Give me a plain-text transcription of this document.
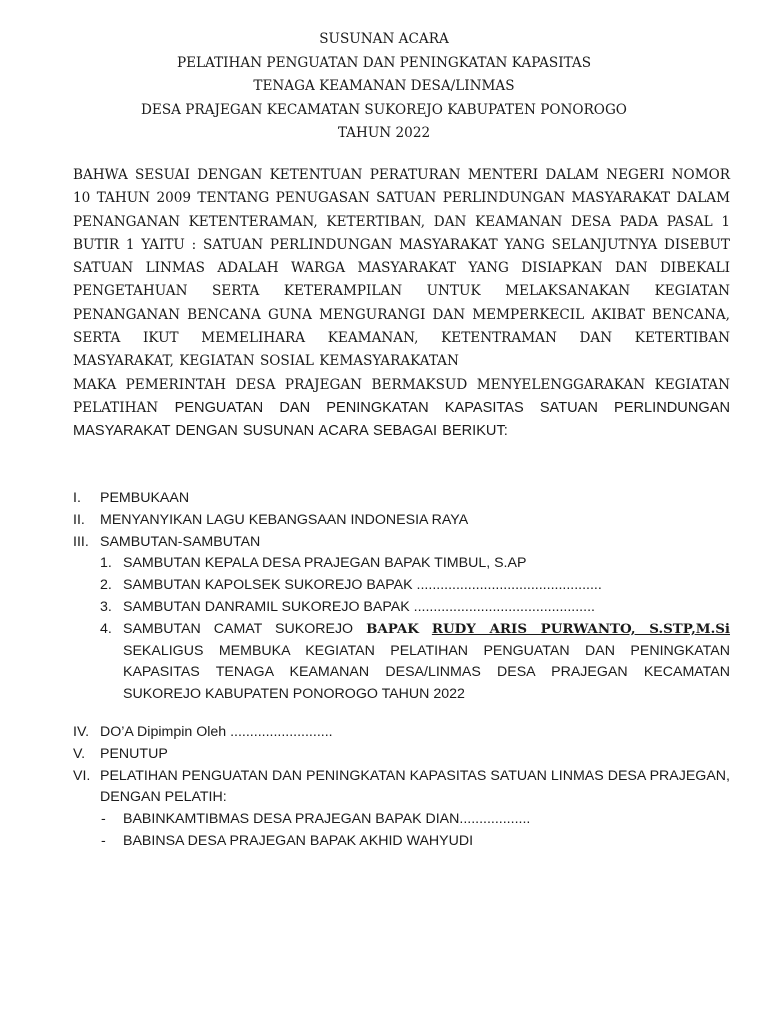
SUSUNAN ACARA
PELATIHAN PENGUATAN DAN PENINGKATAN KAPASITAS
TENAGA KEAMANAN DESA/LINMAS
DESA PRAJEGAN KECAMATAN SUKOREJO KABUPATEN PONOROGO
TAHUN 2022

BAHWA SESUAI DENGAN KETENTUAN PERATURAN MENTERI DALAM NEGERI NOMOR 10 TAHUN 2009 TENTANG PENUGASAN SATUAN PERLINDUNGAN MASYARAKAT DALAM PENANGANAN KETENTERAMAN, KETERTIBAN, DAN KEAMANAN DESA PADA PASAL 1 BUTIR 1 YAITU : SATUAN PERLINDUNGAN MASYARAKAT YANG SELANJUTNYA DISEBUT SATUAN LINMAS ADALAH WARGA MASYARAKAT YANG DISIAPKAN DAN DIBEKALI PENGETAHUAN SERTA KETERAMPILAN UNTUK MELAKSANAKAN KEGIATAN PENANGANAN BENCANA GUNA MENGURANGI DAN MEMPERKECIL AKIBAT BENCANA, SERTA IKUT MEMELIHARA KEAMANAN, KETENTRAMAN DAN KETERTIBAN MASYARAKAT, KEGIATAN SOSIAL KEMASYARAKATAN

MAKA PEMERINTAH DESA PRAJEGAN BERMAKSUD MENYELENGGARAKAN KEGIATAN PELATIHAN PENGUATAN DAN PENINGKATAN KAPASITAS SATUAN PERLINDUNGAN MASYARAKAT DENGAN SUSUNAN ACARA SEBAGAI BERIKUT:

I. PEMBUKAAN
II. MENYANYIKAN LAGU KEBANGSAAN INDONESIA RAYA
III. SAMBUTAN-SAMBUTAN
1. SAMBUTAN KEPALA DESA PRAJEGAN BAPAK TIMBUL, S.AP
2. SAMBUTAN KAPOLSEK SUKOREJO BAPAK ...............................................
3. SAMBUTAN DANRAMIL SUKOREJO BAPAK ..............................................
4. SAMBUTAN CAMAT SUKOREJO BAPAK RUDY ARIS PURWANTO, S.STP,M.Si SEKALIGUS MEMBUKA KEGIATAN PELATIHAN PENGUATAN DAN PENINGKATAN KAPASITAS TENAGA KEAMANAN DESA/LINMAS DESA PRAJEGAN KECAMATAN SUKOREJO KABUPATEN PONOROGO TAHUN 2022
IV. DO’A Dipimpin Oleh ..........................
V. PENUTUP
VI. PELATIHAN PENGUATAN DAN PENINGKATAN KAPASITAS SATUAN LINMAS DESA PRAJEGAN, DENGAN PELATIH:
- BABINKAMTIBMAS DESA PRAJEGAN BAPAK DIAN..................
- BABINSA DESA PRAJEGAN BAPAK AKHID WAHYUDI
